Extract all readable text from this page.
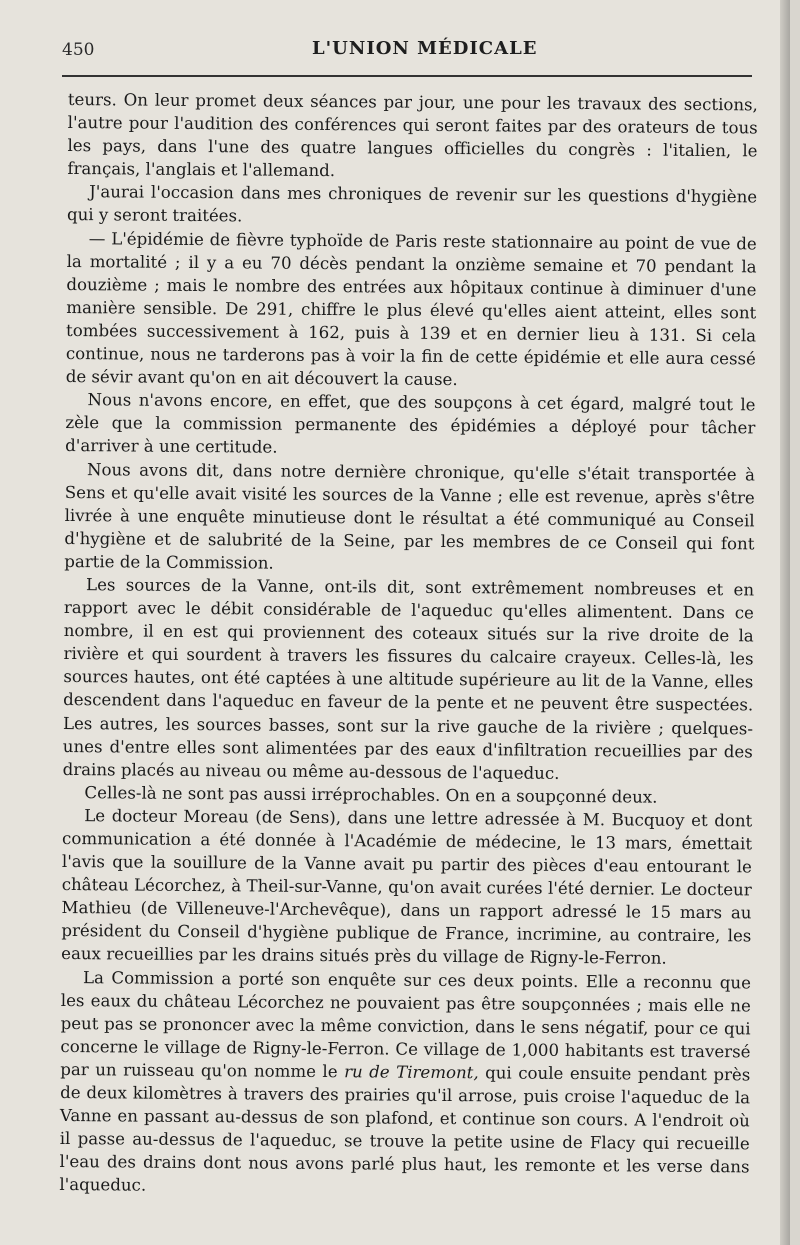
450	L'UNION MÉDICALE

teurs. On leur promet deux séances par jour, une pour les travaux des sections, l'autre pour l'audition des conférences qui seront faites par des orateurs de tous les pays, dans l'une des quatre langues officielles du congrès : l'italien, le français, l'anglais et l'allemand.

J'aurai l'occasion dans mes chroniques de revenir sur les questions d'hygiène qui y seront traitées.

— L'épidémie de fièvre typhoïde de Paris reste stationnaire au point de vue de la mortalité ; il y a eu 70 décès pendant la onzième semaine et 70 pendant la douzième ; mais le nombre des entrées aux hôpitaux continue à diminuer d'une manière sensible. De 291, chiffre le plus élevé qu'elles aient atteint, elles sont tombées successivement à 162, puis à 139 et en dernier lieu à 131. Si cela continue, nous ne tarderons pas à voir la fin de cette épidémie et elle aura cessé de sévir avant qu'on en ait découvert la cause.

Nous n'avons encore, en effet, que des soupçons à cet égard, malgré tout le zèle que la commission permanente des épidémies a déployé pour tâcher d'arriver à une certitude.

Nous avons dit, dans notre dernière chronique, qu'elle s'était transportée à Sens et qu'elle avait visité les sources de la Vanne ; elle est revenue, après s'être livrée à une enquête minutieuse dont le résultat a été communiqué au Conseil d'hygiène et de salubrité de la Seine, par les membres de ce Conseil qui font partie de la Commission.

Les sources de la Vanne, ont-ils dit, sont extrêmement nombreuses et en rapport avec le débit considérable de l'aqueduc qu'elles alimentent. Dans ce nombre, il en est qui proviennent des coteaux situés sur la rive droite de la rivière et qui sourdent à travers les fissures du calcaire crayeux. Celles-là, les sources hautes, ont été captées à une altitude supérieure au lit de la Vanne, elles descendent dans l'aqueduc en faveur de la pente et ne peuvent être suspectées. Les autres, les sources basses, sont sur la rive gauche de la rivière ; quelques-unes d'entre elles sont alimentées par des eaux d'infiltration recueillies par des drains placés au niveau ou même au-dessous de l'aqueduc.

Celles-là ne sont pas aussi irréprochables. On en a soupçonné deux.

Le docteur Moreau (de Sens), dans une lettre adressée à M. Bucquoy et dont communication a été donnée à l'Académie de médecine, le 13 mars, émettait l'avis que la souillure de la Vanne avait pu partir des pièces d'eau entourant le château Lécorchez, à Theil-sur-Vanne, qu'on avait curées l'été dernier. Le docteur Mathieu (de Villeneuve-l'Archevêque), dans un rapport adressé le 15 mars au président du Conseil d'hygiène publique de France, incrimine, au contraire, les eaux recueillies par les drains situés près du village de Rigny-le-Ferron.

La Commission a porté son enquête sur ces deux points. Elle a reconnu que les eaux du château Lécorchez ne pouvaient pas être soupçonnées ; mais elle ne peut pas se prononcer avec la même conviction, dans le sens négatif, pour ce qui concerne le village de Rigny-le-Ferron. Ce village de 1,000 habitants est traversé par un ruisseau qu'on nomme le ru de Tiremont, qui coule ensuite pendant près de deux kilomètres à travers des prairies qu'il arrose, puis croise l'aqueduc de la Vanne en passant au-dessus de son plafond, et continue son cours. A l'endroit où il passe au-dessus de l'aqueduc, se trouve la petite usine de Flacy qui recueille l'eau des drains dont nous avons parlé plus haut, les remonte et les verse dans l'aqueduc.
